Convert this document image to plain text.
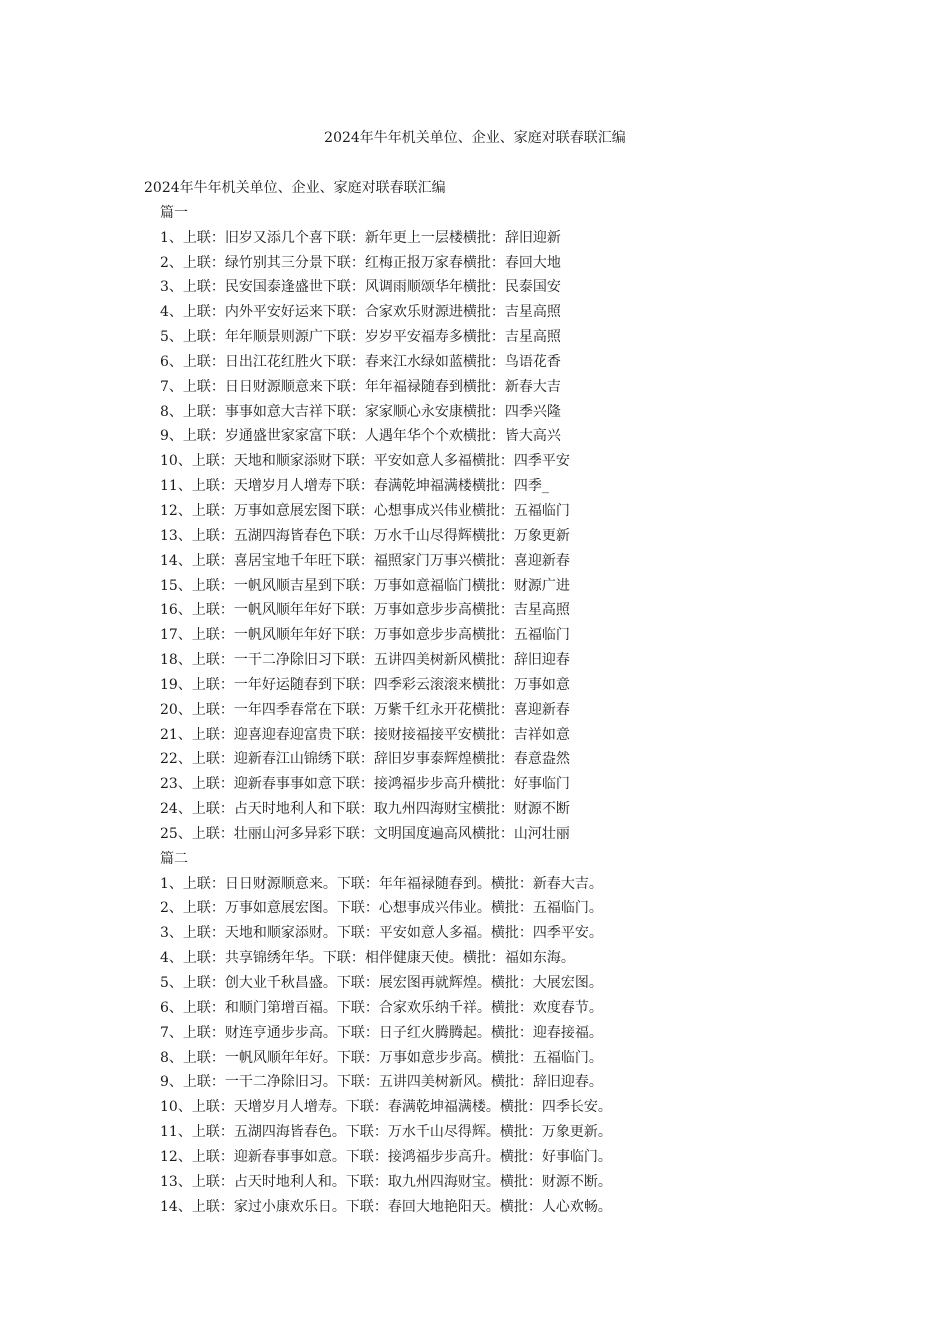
2024年牛年机关单位、企业、家庭对联春联汇编
2024年牛年机关单位、企业、家庭对联春联汇编
篇一
1、上联：旧岁又添几个喜下联：新年更上一层楼横批：辞旧迎新
2、上联：绿竹别其三分景下联：红梅正报万家春横批：春回大地
3、上联：民安国泰逢盛世下联：风调雨顺颂华年横批：民泰国安
4、上联：内外平安好运来下联：合家欢乐财源进横批：吉星高照
5、上联：年年顺景则源广下联：岁岁平安福寿多横批：吉星高照
6、上联：日出江花红胜火下联：春来江水绿如蓝横批：鸟语花香
7、上联：日日财源顺意来下联：年年福禄随春到横批：新春大吉
8、上联：事事如意大吉祥下联：家家顺心永安康横批：四季兴隆
9、上联：岁通盛世家家富下联：人遇年华个个欢横批：皆大高兴
10、上联：天地和顺家添财下联：平安如意人多福横批：四季平安
11、上联：天增岁月人增寿下联：春满乾坤福满楼横批：四季_
12、上联：万事如意展宏图下联：心想事成兴伟业横批：五福临门
13、上联：五湖四海皆春色下联：万水千山尽得辉横批：万象更新
14、上联：喜居宝地千年旺下联：福照家门万事兴横批：喜迎新春
15、上联：一帆风顺吉星到下联：万事如意福临门横批：财源广进
16、上联：一帆风顺年年好下联：万事如意步步高横批：吉星高照
17、上联：一帆风顺年年好下联：万事如意步步高横批：五福临门
18、上联：一干二净除旧习下联：五讲四美树新风横批：辞旧迎春
19、上联：一年好运随春到下联：四季彩云滚滚来横批：万事如意
20、上联：一年四季春常在下联：万紫千红永开花横批：喜迎新春
21、上联：迎喜迎春迎富贵下联：接财接福接平安横批：吉祥如意
22、上联：迎新春江山锦绣下联：辞旧岁事泰辉煌横批：春意盎然
23、上联：迎新春事事如意下联：接鸿福步步高升横批：好事临门
24、上联：占天时地利人和下联：取九州四海财宝横批：财源不断
25、上联：壮丽山河多异彩下联：文明国度遍高风横批：山河壮丽
篇二
1、上联：日日财源顺意来。下联：年年福禄随春到。横批：新春大吉。
2、上联：万事如意展宏图。下联：心想事成兴伟业。横批：五福临门。
3、上联：天地和顺家添财。下联：平安如意人多福。横批：四季平安。
4、上联：共享锦绣年华。下联：相伴健康天使。横批：福如东海。
5、上联：创大业千秋昌盛。下联：展宏图再就辉煌。横批：大展宏图。
6、上联：和顺门第增百福。下联：合家欢乐纳千祥。横批：欢度春节。
7、上联：财连亨通步步高。下联：日子红火腾腾起。横批：迎春接福。
8、上联：一帆风顺年年好。下联：万事如意步步高。横批：五福临门。
9、上联：一干二净除旧习。下联：五讲四美树新风。横批：辞旧迎春。
10、上联：天增岁月人增寿。下联：春满乾坤福满楼。横批：四季长安。
11、上联：五湖四海皆春色。下联：万水千山尽得辉。横批：万象更新。
12、上联：迎新春事事如意。下联：接鸿福步步高升。横批：好事临门。
13、上联：占天时地利人和。下联：取九州四海财宝。横批：财源不断。
14、上联：家过小康欢乐日。下联：春回大地艳阳天。横批：人心欢畅。
